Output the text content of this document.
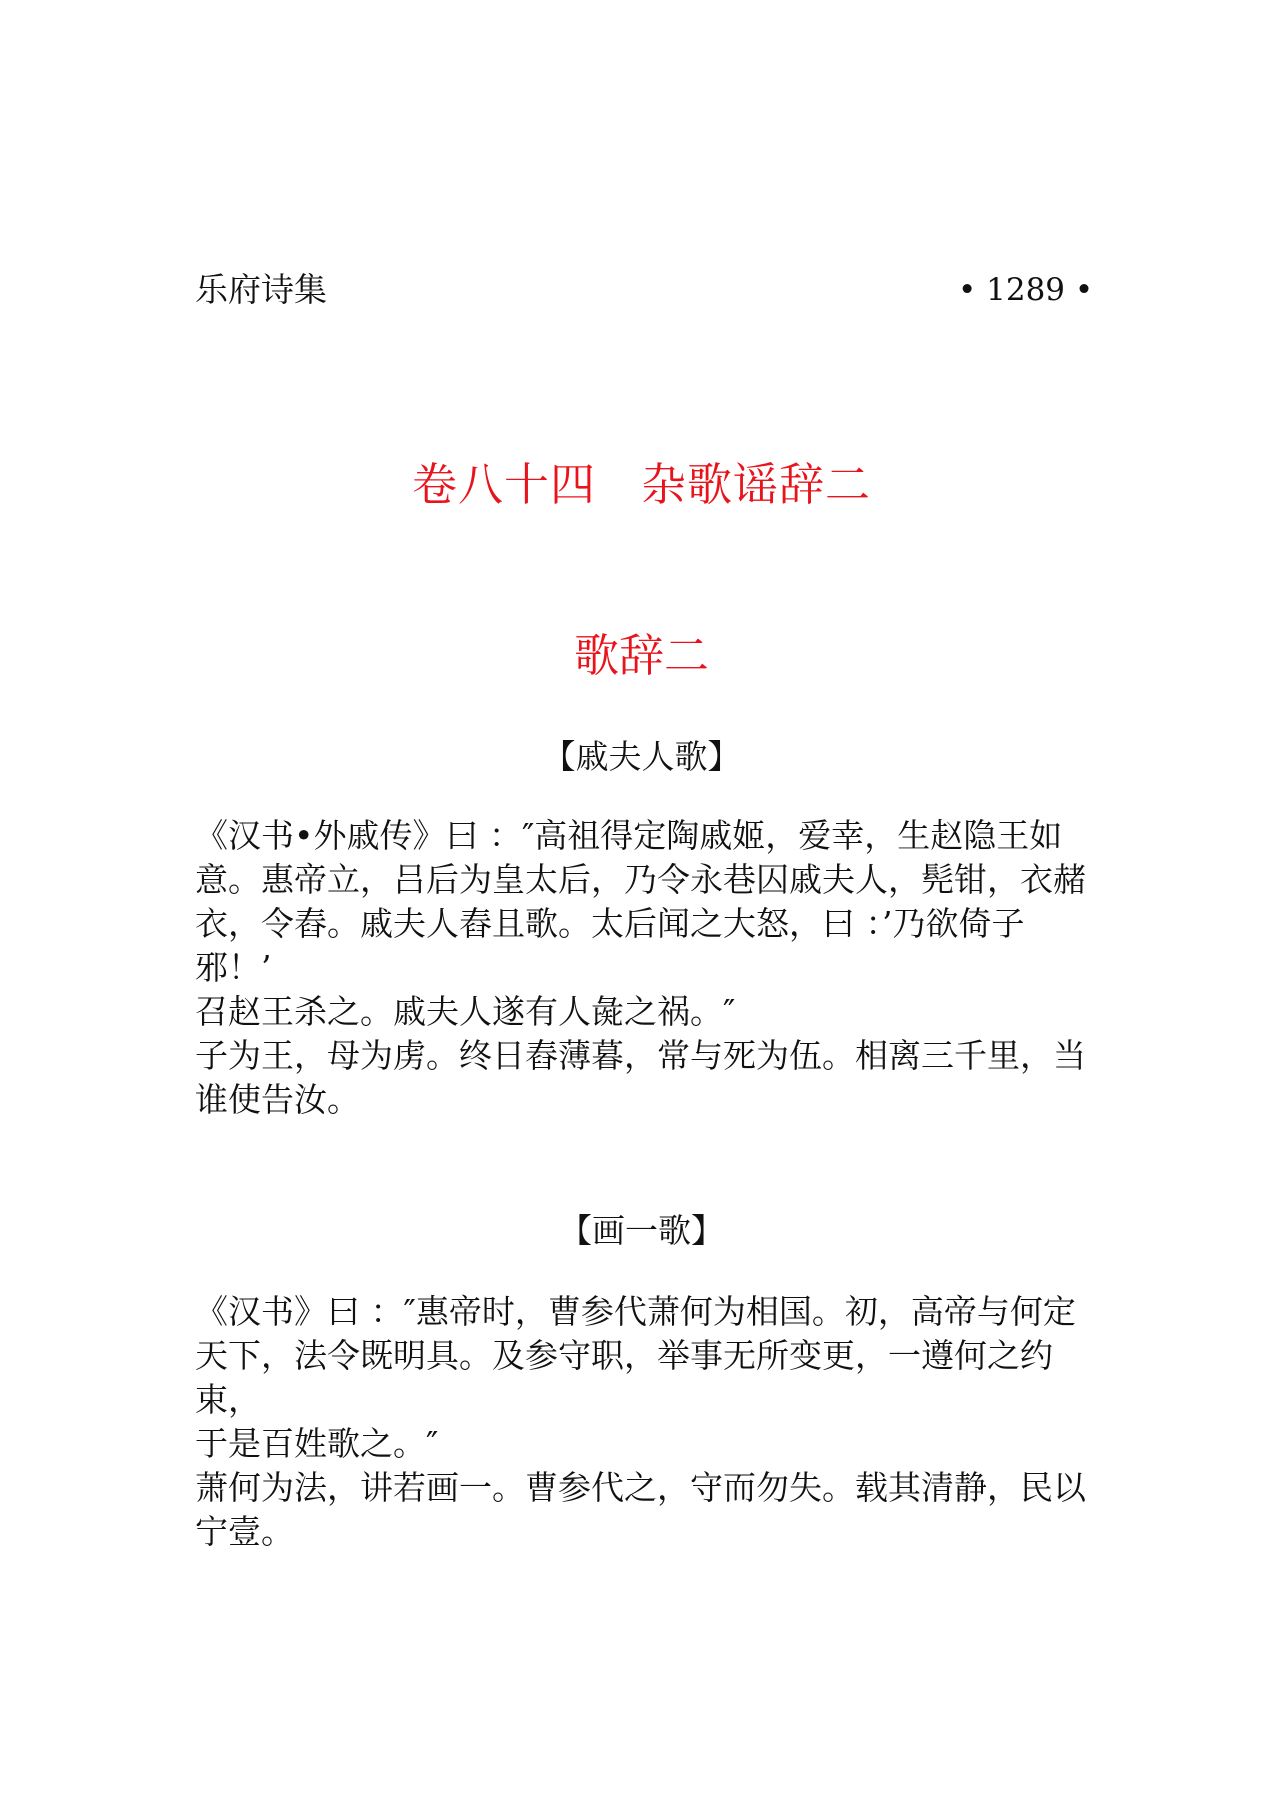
乐府诗集	• 1289 •
卷八十四 杂歌谣辞二
歌辞二
【戚夫人歌】

《汉书•外戚传》曰 ：″高祖得定陶戚姬，爱幸，生赵隐王如

意。惠帝立，吕后为皇太后，乃令永巷囚戚夫人，髡钳，衣赭

衣，令舂。戚夫人舂且歌。太后闻之大怒，曰 ：’乃欲倚子邪！’

召赵王杀之。戚夫人遂有人彘之祸。″

子为王，母为虏。终日舂薄暮，常与死为伍。相离三千里，当

谁使告汝。

【画一歌】

《汉书》曰 ：″惠帝时，曹参代萧何为相国。初，高帝与何定

天下，法令既明具。及参守职，举事无所变更，一遵何之约束，

于是百姓歌之。″

萧何为法，讲若画一。曹参代之，守而勿失。载其清静，民以

宁壹。
